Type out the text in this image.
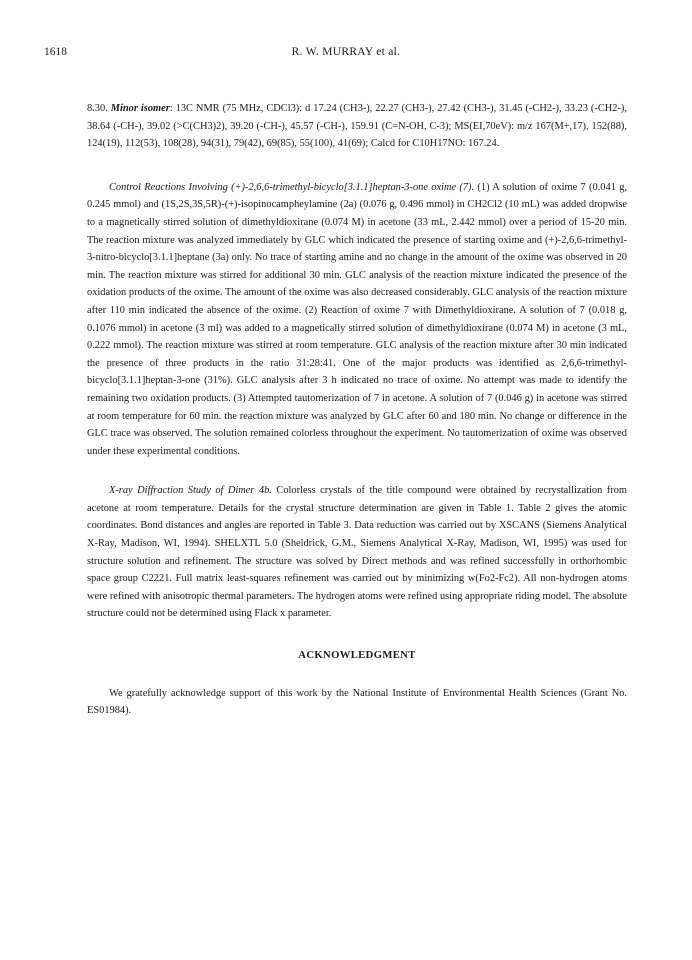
1618	R. W. MURRAY et al.

8.30. Minor isomer: 13C NMR (75 MHz, CDCl3): d 17.24 (CH3-), 22.27 (CH3-), 27.42 (CH3-), 31.45 (-CH2-), 33.23 (-CH2-), 38.64 (-CH-), 39.02 (>C(CH3)2), 39.20 (-CH-), 45.57 (-CH-), 159.91 (C=N-OH, C-3); MS(EI,70eV): m/z 167(M+,17), 152(88), 124(19), 112(53), 108(28), 94(31), 79(42), 69(85), 55(100), 41(69); Calcd for C10H17NO: 167.24.

Control Reactions Involving (+)-2,6,6-trimethyl-bicyclo[3.1.1]heptan-3-one oxime (7). (1) A solution of oxime 7 (0.041 g, 0.245 mmol) and (1S,2S,3S,5R)-(+)-isopinocampheylamine (2a) (0.076 g, 0.496 mmol) in CH2Cl2 (10 mL) was added dropwise to a magnetically stirred solution of dimethyldioxirane (0.074 M) in acetone (33 mL, 2.442 mmol) over a period of 15-20 min. The reaction mixture was analyzed immediately by GLC which indicated the presence of starting oxime and (+)-2,6,6-trimethyl-3-nitro-bicyclo[3.1.1]heptane (3a) only. No trace of starting amine and no change in the amount of the oxime was observed in 20 min. The reaction mixture was stirred for additional 30 min. GLC analysis of the reaction mixture indicated the presence of the oxidation products of the oxime. The amount of the oxime was also decreased considerably. GLC analysis of the reaction mixture after 110 min indicated the absence of the oxime. (2) Reaction of oxime 7 with Dimethyldioxirane. A solution of 7 (0.018 g, 0.1076 mmol) in acetone (3 ml) was added to a magnetically stirred solution of dimethyldioxirane (0.074 M) in acetone (3 mL, 0.222 mmol). The reaction mixture was stirred at room temperature. GLC analysis of the reaction mixture after 30 min indicated the presence of three products in the ratio 31:28:41. One of the major products was identified as 2,6,6-trimethyl-bicyclo[3.1.1]heptan-3-one (31%). GLC analysis after 3 h indicated no trace of oxime. No attempt was made to identify the remaining two oxidation products. (3) Attempted tautomerization of 7 in acetone. A solution of 7 (0.046 g) in acetone was stirred at room temperature for 60 min. the reaction mixture was analyzed by GLC after 60 and 180 min. No change or difference in the GLC trace was observed. The solution remained colorless throughout the experiment. No tautomerization of oxime was observed under these experimental conditions.

X-ray Diffraction Study of Dimer 4b. Colorless crystals of the title compound were obtained by recrystallization from acetone at room temperature. Details for the crystal structure determination are given in Table 1. Table 2 gives the atomic coordinates. Bond distances and angles are reported in Table 3. Data reduction was carried out by XSCANS (Siemens Analytical X-Ray, Madison, WI, 1994). SHELXTL 5.0 (Sheldrick, G.M., Siemens Analytical X-Ray, Madison, WI, 1995) was used for structure solution and refinement. The structure was solved by Direct methods and was refined successfully in orthorhombic space group C2221. Full matrix least-squares refinement was carried out by minimizing w(Fo2-Fc2). All non-hydrogen atoms were refined with anisotropic thermal parameters. The hydrogen atoms were refined using appropriate riding model. The absolute structure could not be determined using Flack x parameter.

ACKNOWLEDGMENT

We gratefully acknowledge support of this work by the National Institute of Environmental Health Sciences (Grant No. ES01984).
